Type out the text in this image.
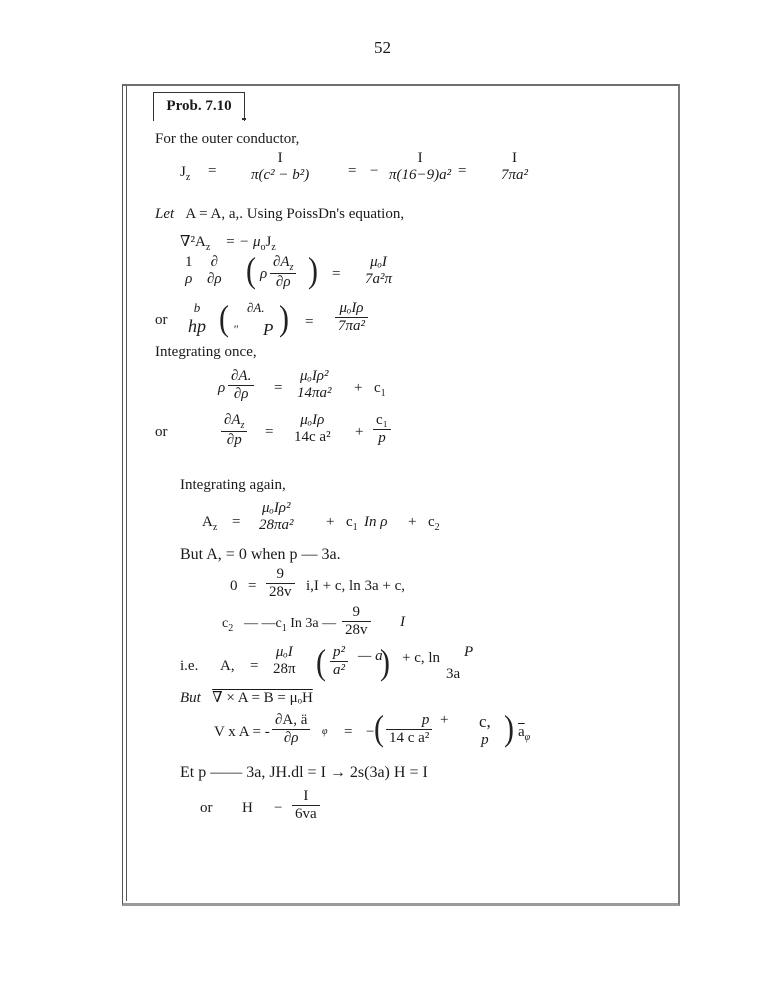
52
Prob. 7.10
For the outer conductor,
$J_z$ =
I
π(c² − b²)	= −
I
π(16−9)a² =
I
7πa²
Let A = A, a,. Using PoissDn's equation,
$\nabla^2A_z$ = − $\mu_oJ_z$
1
ρ
∂
∂ρ ( ρ $\frac{\partial A_z}{\partial\rho}$ ) =
μₒI
7a²π
or
b
hp ( ∂A.
" P ) =
μₒIρ
7πa²
Integrating once,
ρ $\frac{\partial A.}{\partial\rho}$ =
μₒIρ²
$14\pi a^2 + c_1$
or	$\frac{\partial A_z}{\partial p}$ =
μₒIρ
14c $a^2 + \frac{\text{c₁}}{p}$
Integrating again,
$A_z$ =
μₒIρ²
$28\pi a^2 + c_1$ In $\rho + c_2$
But A, = 0 when p — 3a.
$0 = \frac{9}{28v} i,I + c$, ln 3a + c,
$c_2$ — $—c_1$ In 3a — $\frac{9}{28v}$ I
i.e. A, =
μₒI
28π ( $\frac{\text{p²}}{\text{a²}}$ — a
) + c, ln P
3a
But ∇ × A = B = μₒH
V x A = - $\frac{\partial A, ä}{\partial\rho}$ φ = − ( $\frac{p}{\text{14 c a²}} + c$,
p ) $\overline{a}_\varphi$
Et p —— 3a, JH.dl = I → 2s(3a) H = I
or $H - \frac{I}{6va}$
